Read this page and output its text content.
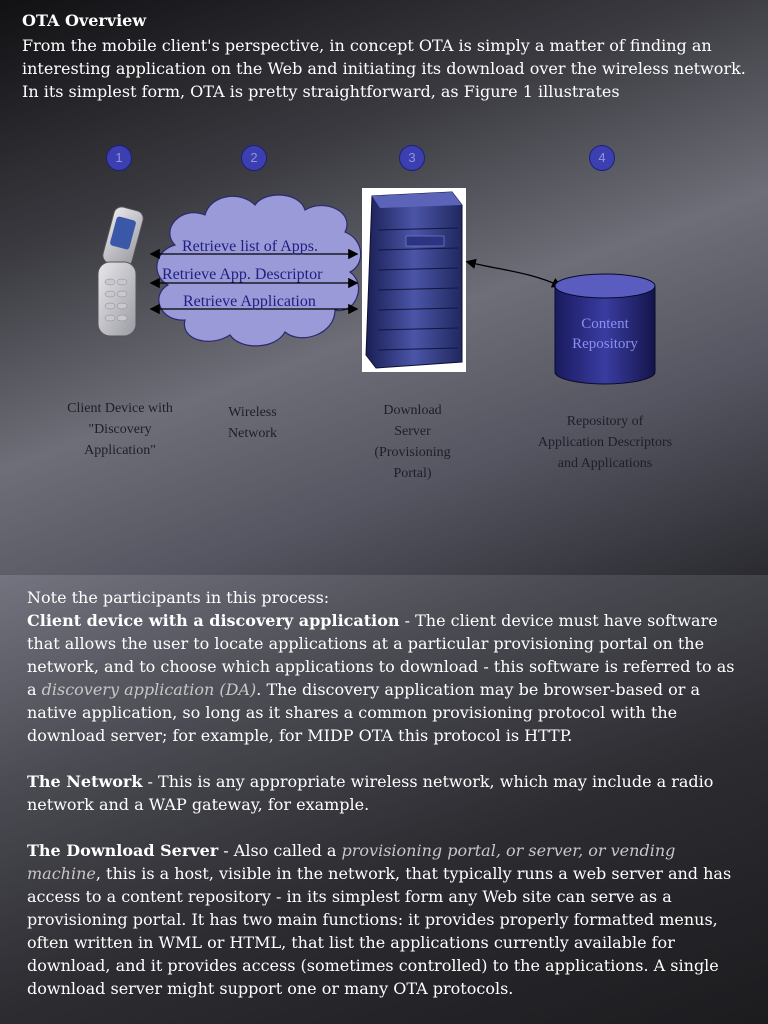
OTA Overview
From the mobile client's perspective, in concept OTA is simply a matter of finding an interesting application on the Web and initiating its download over the wireless network. In its simplest form, OTA is pretty straightforward, as Figure 1 illustrates
1	2	3	4
Retrieve list of Apps.
Retrieve App. Descriptor
Retrieve Application
Content
Repository
Client Device with
"Discovery
Application"
Wireless
Network
Download
Server
(Provisioning
Portal)
Repository of
Application Descriptors
and Applications
Note the participants in this process:
Client device with a discovery application - The client device must have software that allows the user to locate applications at a particular provisioning portal on the network, and to choose which applications to download - this software is referred to as a discovery application (DA). The discovery application may be browser-based or a native application, so long as it shares a common provisioning protocol with the download server; for example, for MIDP OTA this protocol is HTTP.
The Network - This is any appropriate wireless network, which may include a radio network and a WAP gateway, for example.
The Download Server - Also called a provisioning portal, or server, or vending machine, this is a host, visible in the network, that typically runs a web server and has access to a content repository - in its simplest form any Web site can serve as a provisioning portal. It has two main functions: it provides properly formatted menus, often written in WML or HTML, that list the applications currently available for download, and it provides access (sometimes controlled) to the applications. A single download server might support one or many OTA protocols.
